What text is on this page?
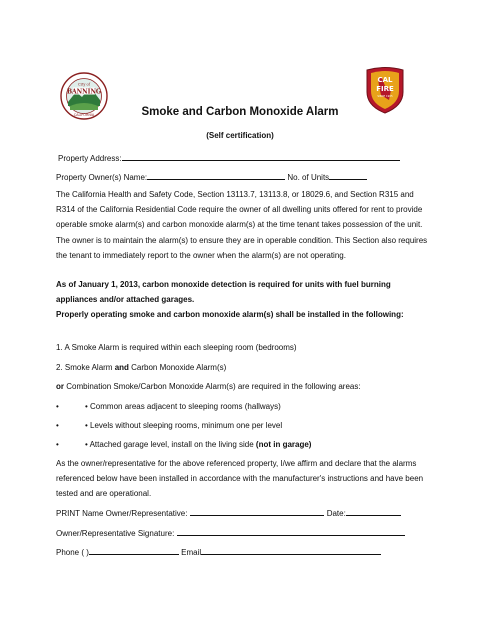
City of
BANNING
CALIFORNIA
CAL
FIRE
SINCE 1905
Smoke and Carbon Monoxide Alarm
(Self certification)
Property Address:
Property Owner(s) Name:	No. of Units
The California Health and Safety Code, Section 13113.7, 13113.8, or 18029.6, and Section R315 and R314 of the California Residential Code require the owner of all dwelling units offered for rent to provide operable smoke alarm(s) and carbon monoxide alarm(s) at the time tenant takes possession of the unit. The owner is to maintain the alarm(s) to ensure they are in operable condition. This Section also requires the tenant to immediately report to the owner when the alarm(s) are not operating.
As of January 1, 2013, carbon monoxide detection is required for units with fuel burning appliances and/or attached garages.
Properly operating smoke and carbon monoxide alarm(s) shall be installed in the following:
1. A Smoke Alarm is required within each sleeping room (bedrooms)
2. Smoke Alarm and Carbon Monoxide Alarm(s)
or Combination Smoke/Carbon Monoxide Alarm(s) are required in the following areas:
•	• Common areas adjacent to sleeping rooms (hallways)
•	• Levels without sleeping rooms, minimum one per level
•	• Attached garage level, install on the living side (not in garage)
As the owner/representative for the above referenced property, I/we affirm and declare that the alarms referenced below have been installed in accordance with the manufacturer's instructions and have been tested and are operational.
PRINT Name Owner/Representative:	Date:
Owner/Representative Signature:
Phone ( )	Email
